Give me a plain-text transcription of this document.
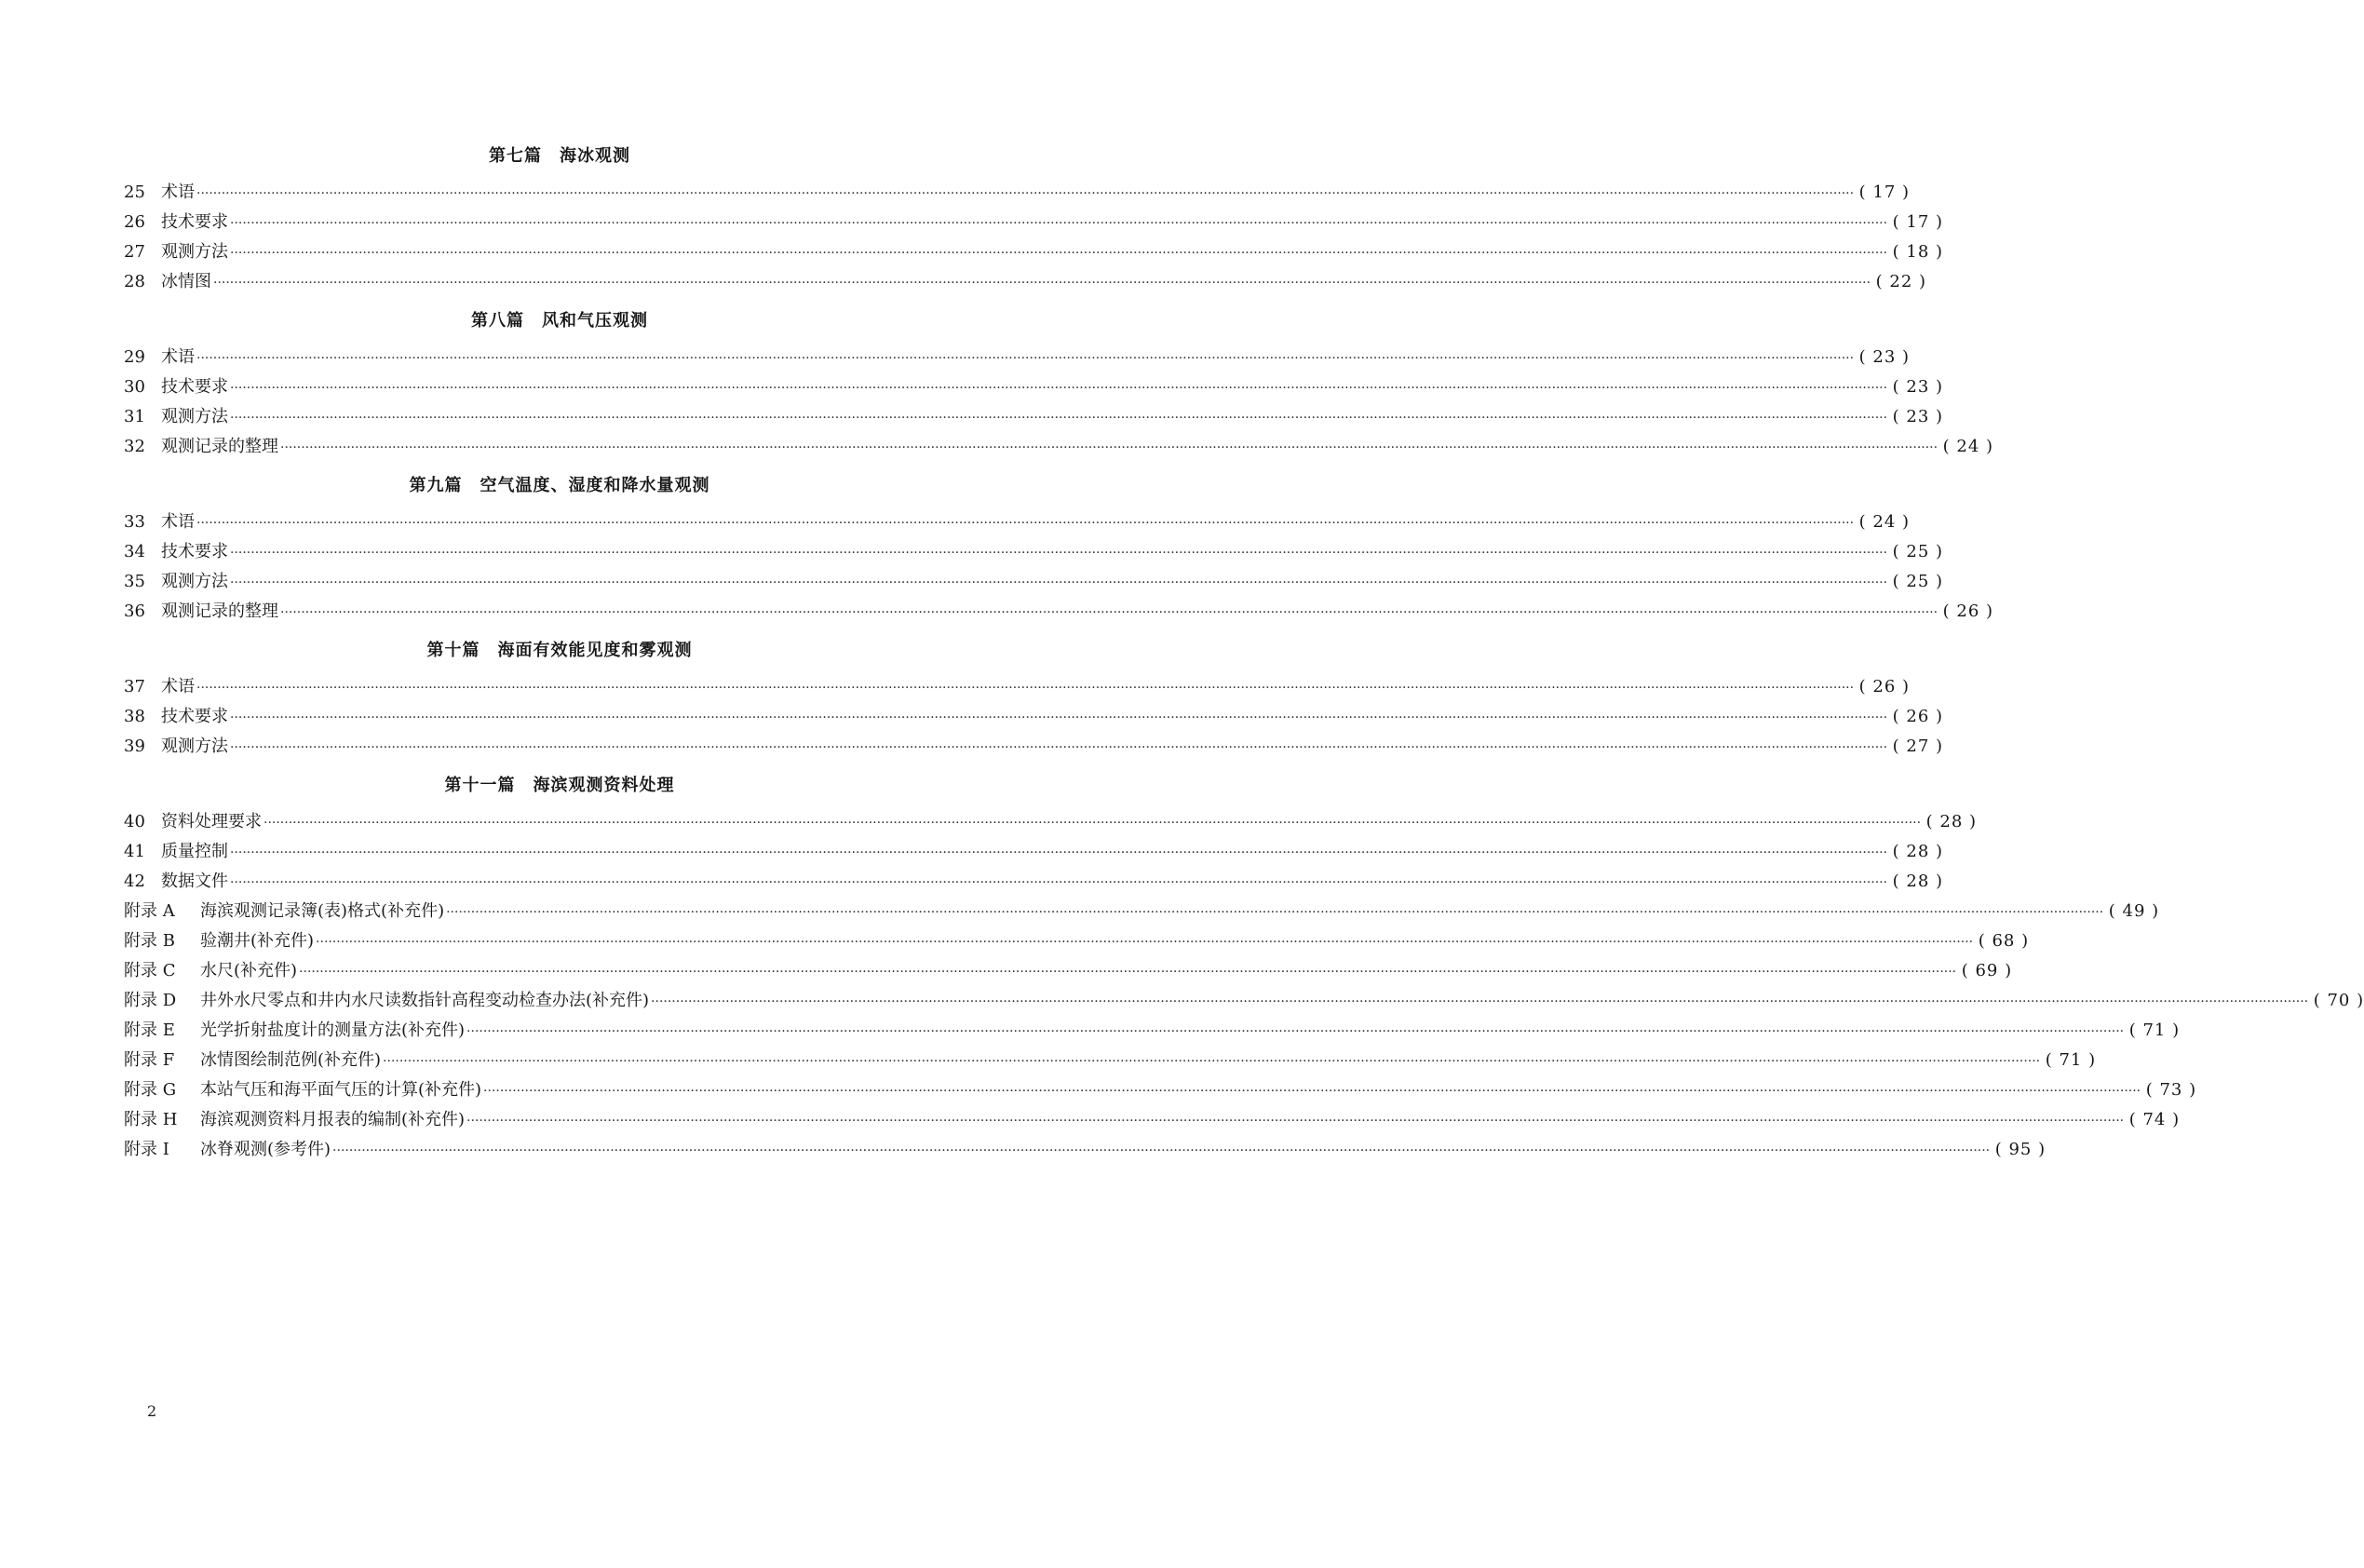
第七篇　海冰观测
25 术语 ················································································································································································································································································································································································································ ( 17 )
26 技术要求 ················································································································································································································································································································································································································ ( 17 )
27 观测方法 ················································································································································································································································································································································································································ ( 18 )
28 冰情图 ················································································································································································································································································································································································································ ( 22 )
第八篇　风和气压观测
29 术语 ················································································································································································································································································································································································································ ( 23 )
30 技术要求 ················································································································································································································································································································································································································ ( 23 )
31 观测方法 ················································································································································································································································································································································································································ ( 23 )
32 观测记录的整理 ················································································································································································································································································································································································································ ( 24 )
第九篇　空气温度、湿度和降水量观测
33 术语 ················································································································································································································································································································································································································ ( 24 )
34 技术要求 ················································································································································································································································································································································································································ ( 25 )
35 观测方法 ················································································································································································································································································································································································································ ( 25 )
36 观测记录的整理 ················································································································································································································································································································································································································ ( 26 )
第十篇　海面有效能见度和雾观测
37 术语 ················································································································································································································································································································································································································ ( 26 )
38 技术要求 ················································································································································································································································································································································································································ ( 26 )
39 观测方法 ················································································································································································································································································································································································································ ( 27 )
第十一篇　海滨观测资料处理
40 资料处理要求 ················································································································································································································································································································································································································ ( 28 )
41 质量控制 ················································································································································································································································································································································································································ ( 28 )
42 数据文件 ················································································································································································································································································································································································································ ( 28 )
附录 A	海滨观测记录簿(表)格式(补充件) ················································································································································································································································································································································································································ ( 49 )
附录 B	验潮井(补充件) ················································································································································································································································································································································································································ ( 68 )
附录 C	水尺(补充件) ················································································································································································································································································································································································································ ( 69 )
附录 D	井外水尺零点和井内水尺读数指针高程变动检查办法(补充件) ················································································································································································································································································································································································································ ( 70 )
附录 E	光学折射盐度计的测量方法(补充件) ················································································································································································································································································································································································································ ( 71 )
附录 F	冰情图绘制范例(补充件) ················································································································································································································································································································································································································ ( 71 )
附录 G	本站气压和海平面气压的计算(补充件) ················································································································································································································································································································································································································ ( 73 )
附录 H	海滨观测资料月报表的编制(补充件) ················································································································································································································································································································································································································ ( 74 )
附录 I	冰脊观测(参考件) ················································································································································································································································································································································································································ ( 95 )
2
